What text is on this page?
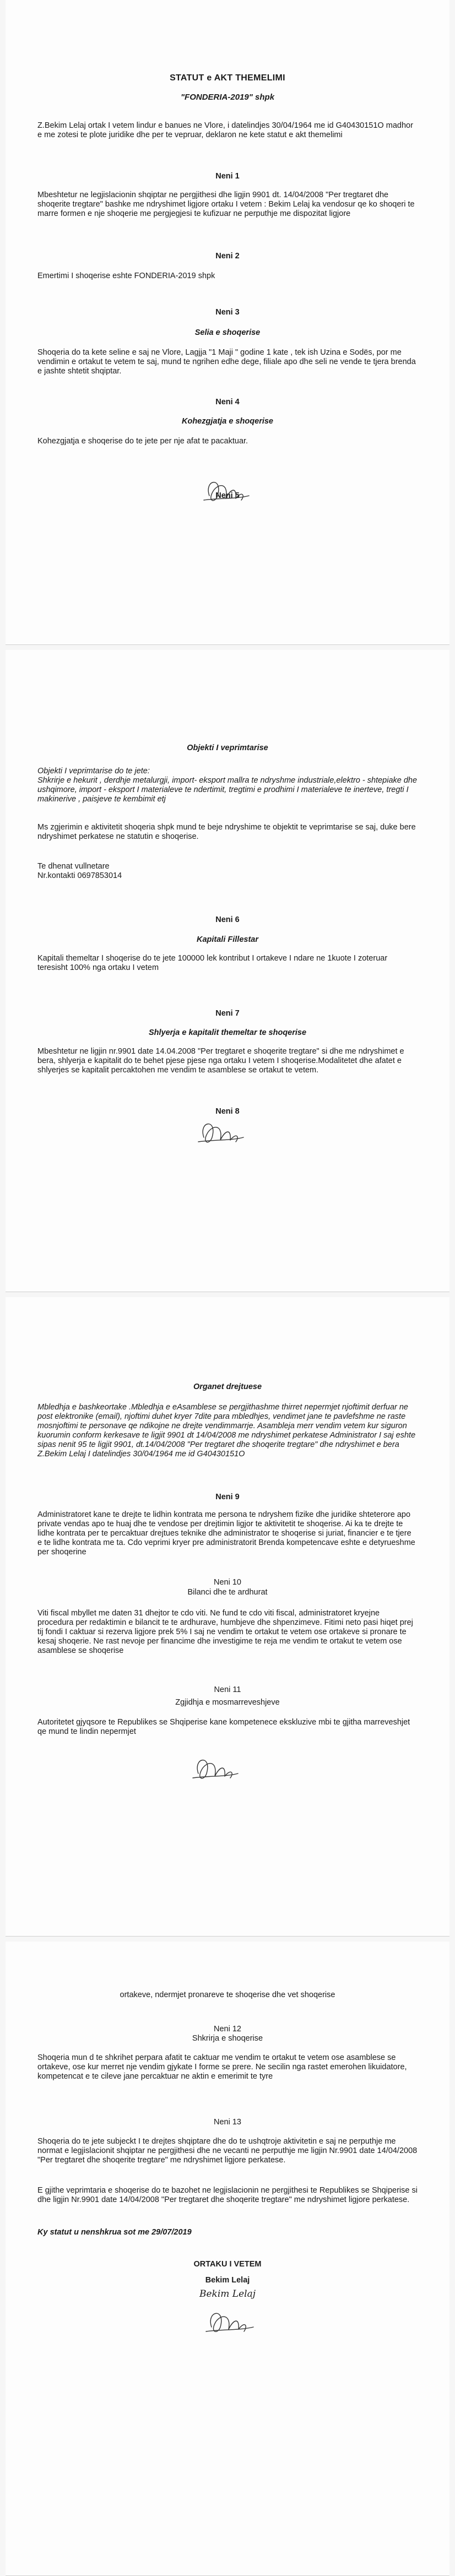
STATUT e AKT THEMELIMI
"FONDERIA-2019" shpk

Z.Bekim Lelaj ortak I vetem lindur e banues ne Vlore, i datelindjes 30/04/1964 me id G40430151O madhor e me zotesi te plote juridike dhe per te vepruar, deklaron ne kete statut e akt themelimi

Neni 1

Mbeshtetur ne legjislacionin shqiptar ne pergjithesi dhe ligjin 9901 dt. 14/04/2008 "Per tregtaret dhe shoqerite tregtare" bashke me ndryshimet ligjore ortaku I vetem : Bekim Lelaj ka vendosur qe ko shoqeri te marre formen e nje shoqerie me pergjegjesi te kufizuar ne perputhje me dispozitat ligjore

Neni 2

Emertimi I shoqerise eshte FONDERIA-2019 shpk

Neni 3
Selia e shoqerise

Shoqeria do ta kete seline e saj ne Vlore, Lagjja "1 Maji " godine 1 kate , tek ish Uzina e Sodës, por me vendimin e ortakut te vetem te saj, mund te ngrihen edhe dege, filiale apo dhe seli ne vende te tjera brenda e jashte shtetit shqiptar.

Neni 4
Kohezgjatja e shoqerise

Kohezgjatja e shoqerise do te jete per nje afat te pacaktuar.

Neni 5
Objekti I veprimtarise

Objekti I veprimtarise do te jete:

Shkrirje e hekurit , derdhje metalurgji, import- eksport mallra te ndryshme industriale,elektro - shtepiake dhe ushqimore, import - eksport I materialeve te ndertimit, tregtimi e prodhimi I materialeve te inerteve, tregti I makinerive , paisjeve te kembimit etj

Ms zgjerimin e aktivitetit shoqeria shpk mund te beje ndryshime te objektit te veprimtarise se saj, duke bere ndryshimet perkatese ne statutin e shoqerise.

Te dhenat vullnetare

Nr.kontakti 0697853014

Neni 6
Kapitali Fillestar

Kapitali themeltar I shoqerise do te jete 100000 lek kontribut I ortakeve I ndare ne 1kuote I zoteruar teresisht 100% nga ortaku I vetem

Neni 7
Shlyerja e kapitalit themeltar te shoqerise

Mbeshtetur ne ligjin nr.9901 date 14.04.2008 "Per tregtaret e shoqerite tregtare" si dhe me ndryshimet e bera, shlyerja e kapitalit do te behet pjese pjese nga ortaku I vetem I shoqerise.Modalitetet dhe afatet e shlyerjes se kapitalit percaktohen me vendim te asamblese se ortakut te vetem.

Neni 8
Organet drejtuese

Mbledhja e bashkeortake .Mbledhja e eAsamblese se pergjithashme thirret nepermjet njoftimit derfuar ne post elektronike (email), njoftimi duhet kryer 7dite para mbledhjes, vendimet jane te pavlefshme ne raste mosnjoftimi te personave qe ndikojne ne drejte vendimmarrje. Asambleja merr vendim vetem kur siguron kuorumin conform kerkesave te ligjit 9901 dt 14/04/2008 me ndryshimet perkatese Administrator I saj eshte sipas nenit 95 te ligjit 9901, dt.14/04/2008 "Per tregtaret dhe shoqerite tregtare" dhe ndryshimet e bera Z.Bekim Lelaj I datelindjes 30/04/1964 me id G40430151O

Neni 9

Administratoret kane te drejte te lidhin kontrata me persona te ndryshem fizike dhe juridike shteterore apo private vendas apo te huaj dhe te vendose per drejtimin ligjor te aktivitetit te shoqerise. Ai ka te drejte te lidhe kontrata per te percaktuar drejtues teknike dhe administrator te shoqerise si juriat, financier e te tjere e te lidhe kontrata me ta. Cdo veprimi kryer pre administratorit Brenda kompetencave eshte e detyrueshme per shoqerine

Neni 10
Bilanci dhe te ardhurat

Viti fiscal mbyllet me daten 31 dhejtor te cdo viti. Ne fund te cdo viti fiscal, administratoret kryejne procedura per redaktimin e bilancit te te ardhurave, humbjeve dhe shpenzimeve. Fitimi neto pasi hiqet prej tij fondi I caktuar si rezerva ligjore prek 5% I saj ne vendim te ortakut te vetem ose ortakeve si pronare te kesaj shoqerie. Ne rast nevoje per financime dhe investigime te reja me vendim te ortakut te vetem ose asamblese se shoqerise

Neni 11
Zgjidhja e mosmarreveshjeve

Autoritetet gjyqsore te Republikes se Shqiperise kane kompetenece ekskluzive mbi te gjitha marreveshjet qe mund te lindin nepermjet

ortakeve, ndermjet pronareve te shoqerise dhe vet shoqerise
Neni 12
Shkrirja e shoqerise

Shoqeria mun d te shkrihet perpara afatit te caktuar me vendim te ortakut te vetem ose asamblese se ortakeve, ose kur merret nje vendim gjykate I forme se prere. Ne secilin nga rastet emerohen likuidatore, kompetencat e te cileve jane percaktuar ne aktin e emerimit te tyre

Neni 13

Shoqeria do te jete subjeckt I te drejtes shqiptare dhe do te ushqtroje aktivitetin e saj ne perputhje me normat e legjislacionit shqiptar ne pergjithesi dhe ne vecanti ne perputhje me ligjin Nr.9901 date 14/04/2008 "Per tregtaret dhe shoqerite tregtare" me ndryshimet ligjore perkatese.

E gjithe veprimtaria e shoqerise do te bazohet ne legjislacionin ne pergjithesi te Republikes se Shqiperise si dhe ligjin Nr.9901 date 14/04/2008 "Per tregtaret dhe shoqerite tregtare" me ndryshimet ligjore perkatese.

Ky statut u nenshkrua sot me 29/07/2019
ORTAKU I VETEM
Bekim Lelaj
Bekim Lelaj
